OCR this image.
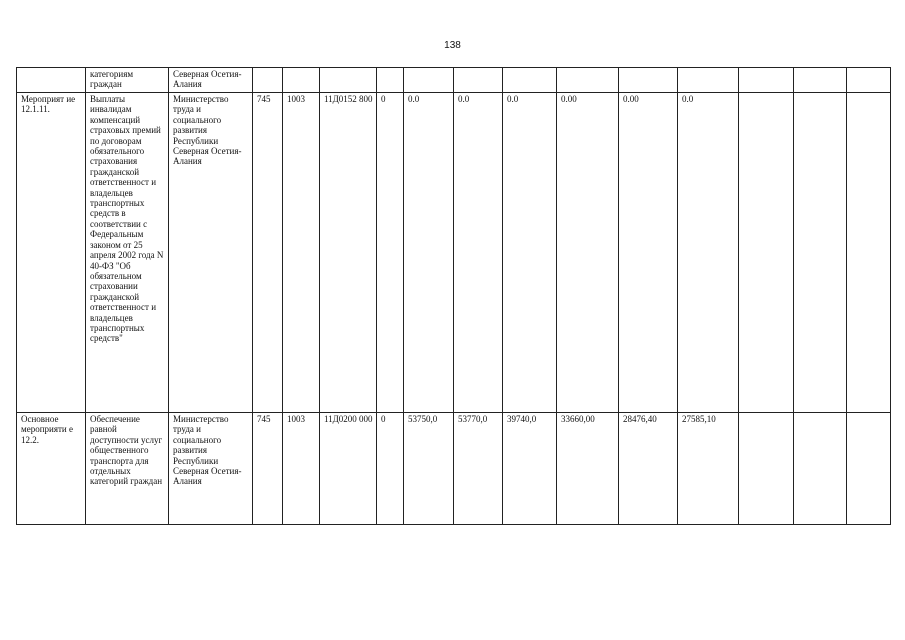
138
	категориям граждан	Северная Осетия-Алания													
Мероприят ие 12.1.11.	Выплаты инвалидам компенсаций страховых премий по договорам обязательного страхования гражданской ответственност и владельцев транспортных средств в соответствии с Федеральным законом от 25 апреля 2002 года N 40-ФЗ "Об обязательном страховании гражданской ответственност и владельцев транспортных средств"	Министерство труда и социального развития Республики Северная Осетия-Алания	745	1003	11Д0152 800	0	0.0	0.0	0.0	0.00	0.00	0.0			
Основное мероприяти е 12.2.	Обеспечение равной доступности услуг общественного транспорта для отдельных категорий граждан	Министерство труда и социального развития Республики Северная Осетия-Алания	745	1003	11Д0200 000	0	53750,0	53770,0	39740,0	33660,00	28476,40	27585,10			
